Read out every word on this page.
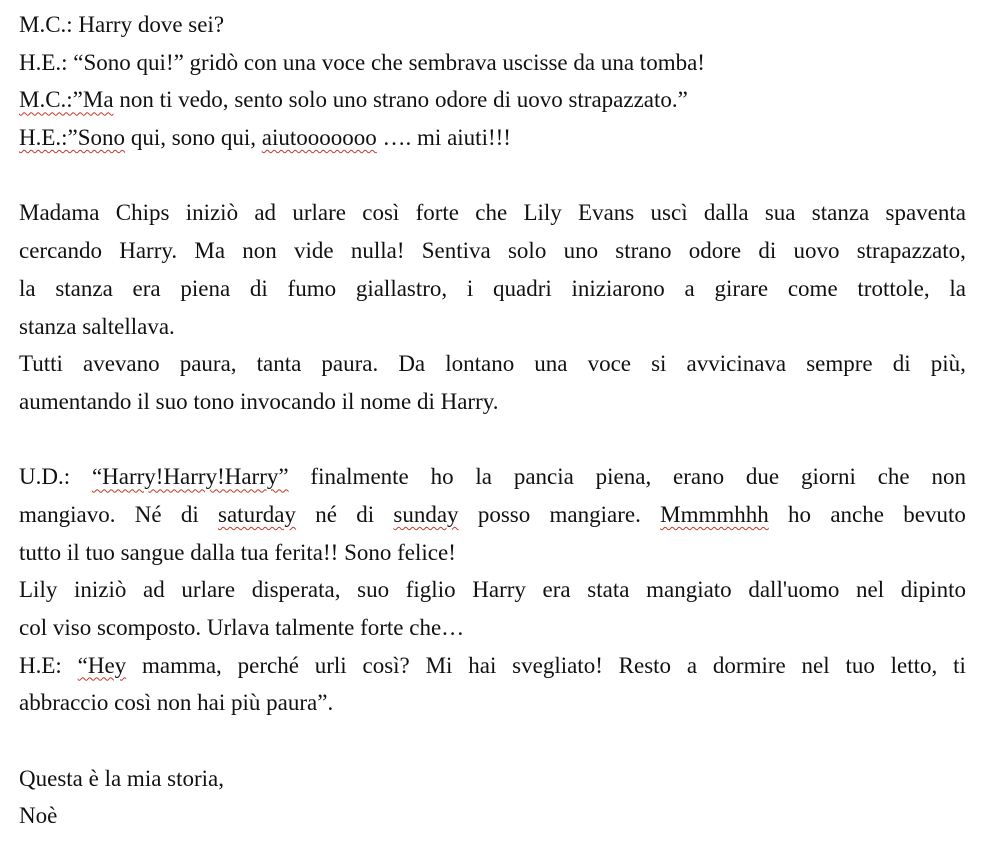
M.C.: Harry dove sei?
H.E.: “Sono qui!” gridò con una voce che sembrava uscisse da una tomba!
M.C.:”Ma non ti vedo, sento solo uno strano odore di uovo strapazzato.”
H.E.:”Sono qui, sono qui, aiutooooooo …. mi aiuti!!!
Madama Chips iniziò ad urlare così forte che Lily Evans uscì dalla sua stanza spaventa
cercando Harry. Ma non vide nulla! Sentiva solo uno strano odore di uovo strapazzato,
la stanza era piena di fumo giallastro, i quadri iniziarono a girare come trottole, la
stanza saltellava.
Tutti avevano paura, tanta paura. Da lontano una voce si avvicinava sempre di più,
aumentando il suo tono invocando il nome di Harry.
U.D.: “Harry!Harry!Harry” finalmente ho la pancia piena, erano due giorni che non
mangiavo. Né di saturday né di sunday posso mangiare. Mmmmhhh ho anche bevuto
tutto il tuo sangue dalla tua ferita!! Sono felice!
Lily iniziò ad urlare disperata, suo figlio Harry era stata mangiato dall'uomo nel dipinto
col viso scomposto. Urlava talmente forte che…
H.E: “Hey mamma, perché urli così? Mi hai svegliato! Resto a dormire nel tuo letto, ti
abbraccio così non hai più paura”.
Questa è la mia storia,
Noè
